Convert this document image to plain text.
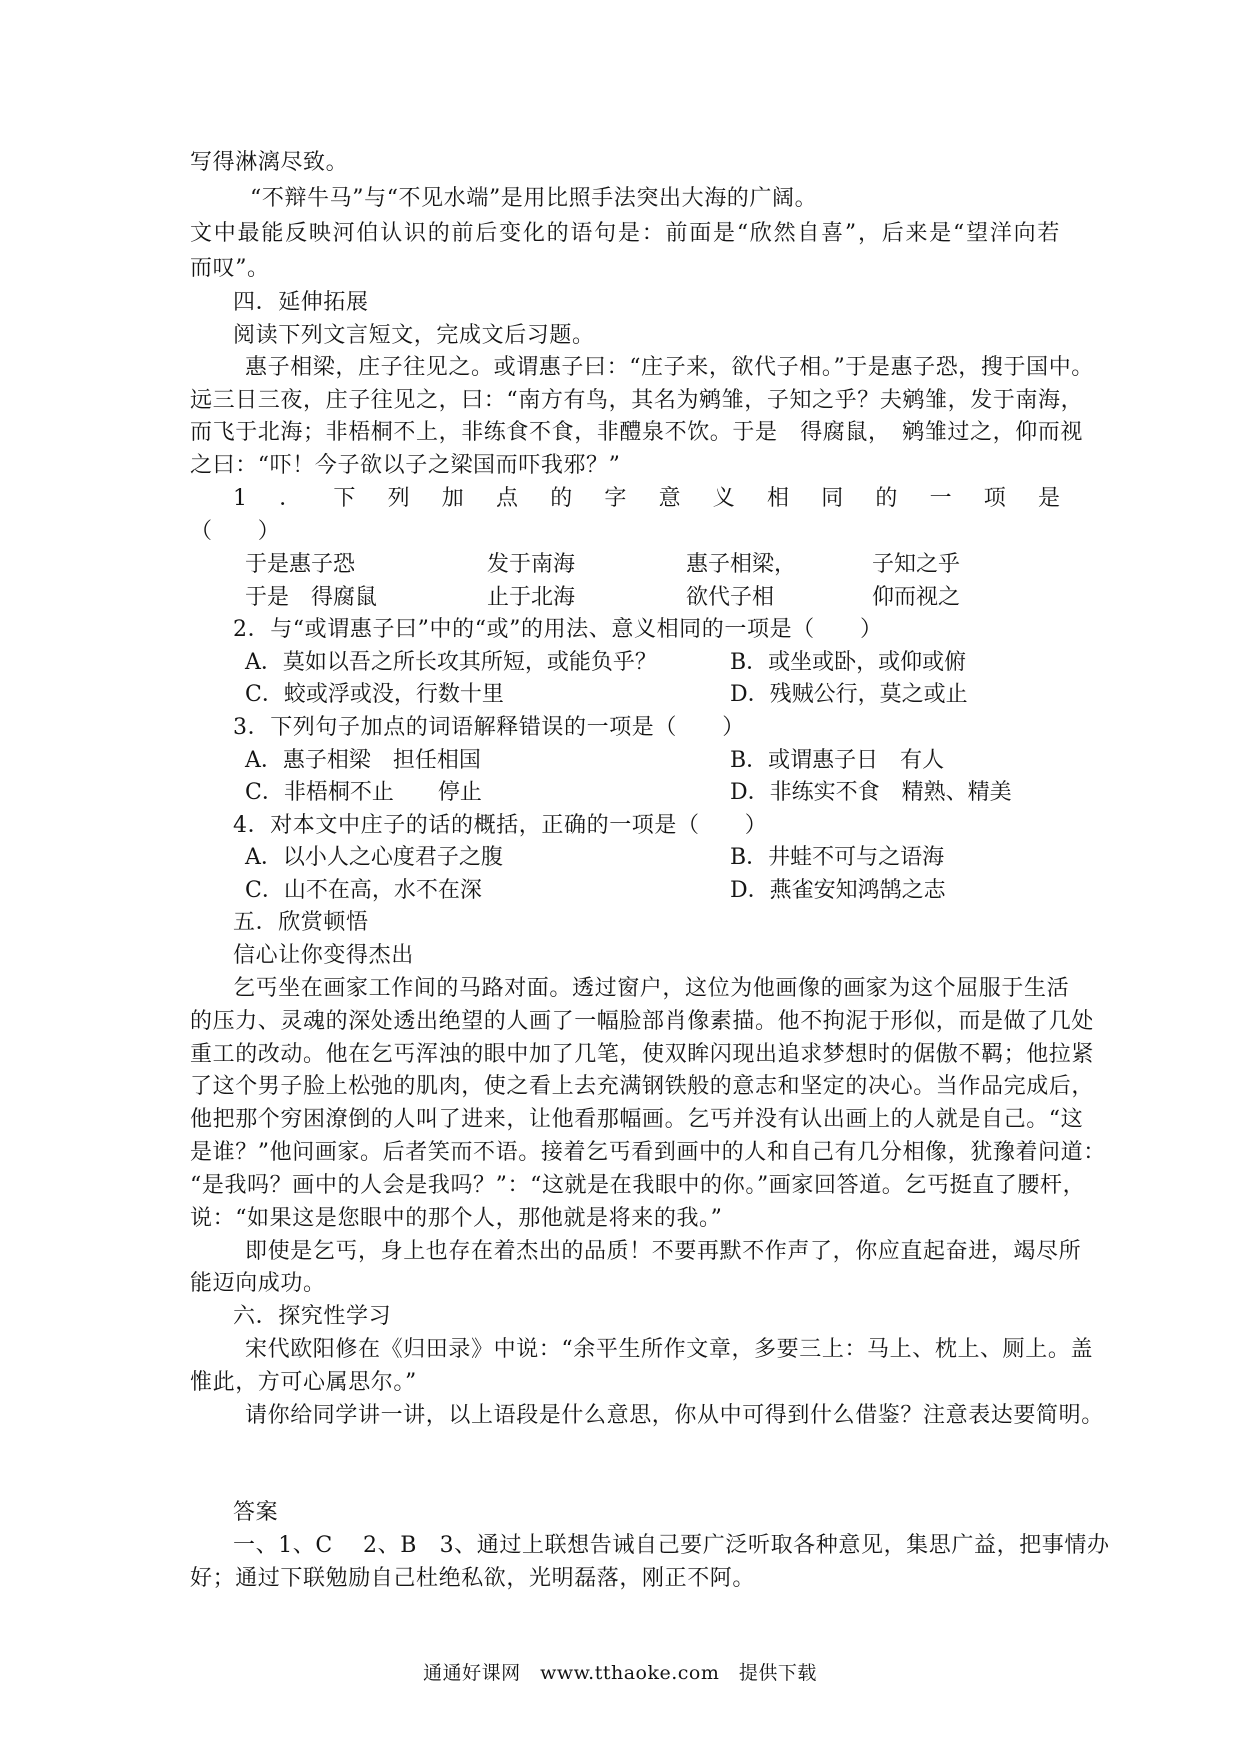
写得淋漓尽致。
“不辩牛马”与“不见水端”是用比照手法突出大海的广阔。
文中最能反映河伯认识的前后变化的语句是：前面是“欣然自喜”，后来是“望洋向若
而叹”。
四．延伸拓展
阅读下列文言短文，完成文后习题。
惠子相梁，庄子往见之。或谓惠子曰：“庄子来，欲代子相。”于是惠子恐，搜于国中。
远三日三夜，庄子往见之，曰：“南方有鸟，其名为鹓雏，子知之乎？夫鹓雏，发于南海，
而飞于北海；非梧桐不上，非练食不食，非醴泉不饮。于是　得腐鼠，　鹓雏过之，仰而视
之曰：“吓！今子欲以子之梁国而吓我邪？”
1．下列加点的字意义相同的一项是
（　　）
于是惠子恐	发于南海	惠子相梁，	子知之乎
于是　得腐鼠	止于北海	欲代子相	仰而视之
2．与“或谓惠子曰”中的“或”的用法、意义相同的一项是（　　）
A．莫如以吾之所长攻其所短，或能负乎？	B．或坐或卧，或仰或俯
C．蛟或浮或没，行数十里	D．残贼公行，莫之或止
3．下列句子加点的词语解释错误的一项是（　　）
A．惠子相梁　担任相国	B．或谓惠子日　有人
C．非梧桐不止　　停止	D．非练实不食　精熟、精美
4．对本文中庄子的话的概括，正确的一项是（　　）
A．以小人之心度君子之腹	B．井蛙不可与之语海
C．山不在高，水不在深	D．燕雀安知鸿鹄之志
五．欣赏顿悟
信心让你变得杰出
乞丐坐在画家工作间的马路对面。透过窗户，这位为他画像的画家为这个屈服于生活
的压力、灵魂的深处透出绝望的人画了一幅脸部肖像素描。他不拘泥于形似，而是做了几处
重工的改动。他在乞丐浑浊的眼中加了几笔，使双眸闪现出追求梦想时的倨傲不羁；他拉紧
了这个男子脸上松弛的肌肉，使之看上去充满钢铁般的意志和坚定的决心。当作品完成后，
他把那个穷困潦倒的人叫了进来，让他看那幅画。乞丐并没有认出画上的人就是自己。“这
是谁？”他问画家。后者笑而不语。接着乞丐看到画中的人和自己有几分相像，犹豫着问道：
“是我吗？画中的人会是我吗？”：“这就是在我眼中的你。”画家回答道。乞丐挺直了腰杆，
说：“如果这是您眼中的那个人，那他就是将来的我。”
即使是乞丐，身上也存在着杰出的品质！不要再默不作声了，你应直起奋进，竭尽所
能迈向成功。
六．探究性学习
宋代欧阳修在《归田录》中说：“余平生所作文章，多要三上：马上、枕上、厕上。盖
惟此，方可心属思尔。”
请你给同学讲一讲，以上语段是什么意思，你从中可得到什么借鉴？注意表达要简明。
答案
一、1、C　 2、B　3、通过上联想告诫自己要广泛听取各种意见，集思广益，把事情办
好；通过下联勉励自己杜绝私欲，光明磊落，刚正不阿。
通通好课网　www.tthaoke.com　提供下载
